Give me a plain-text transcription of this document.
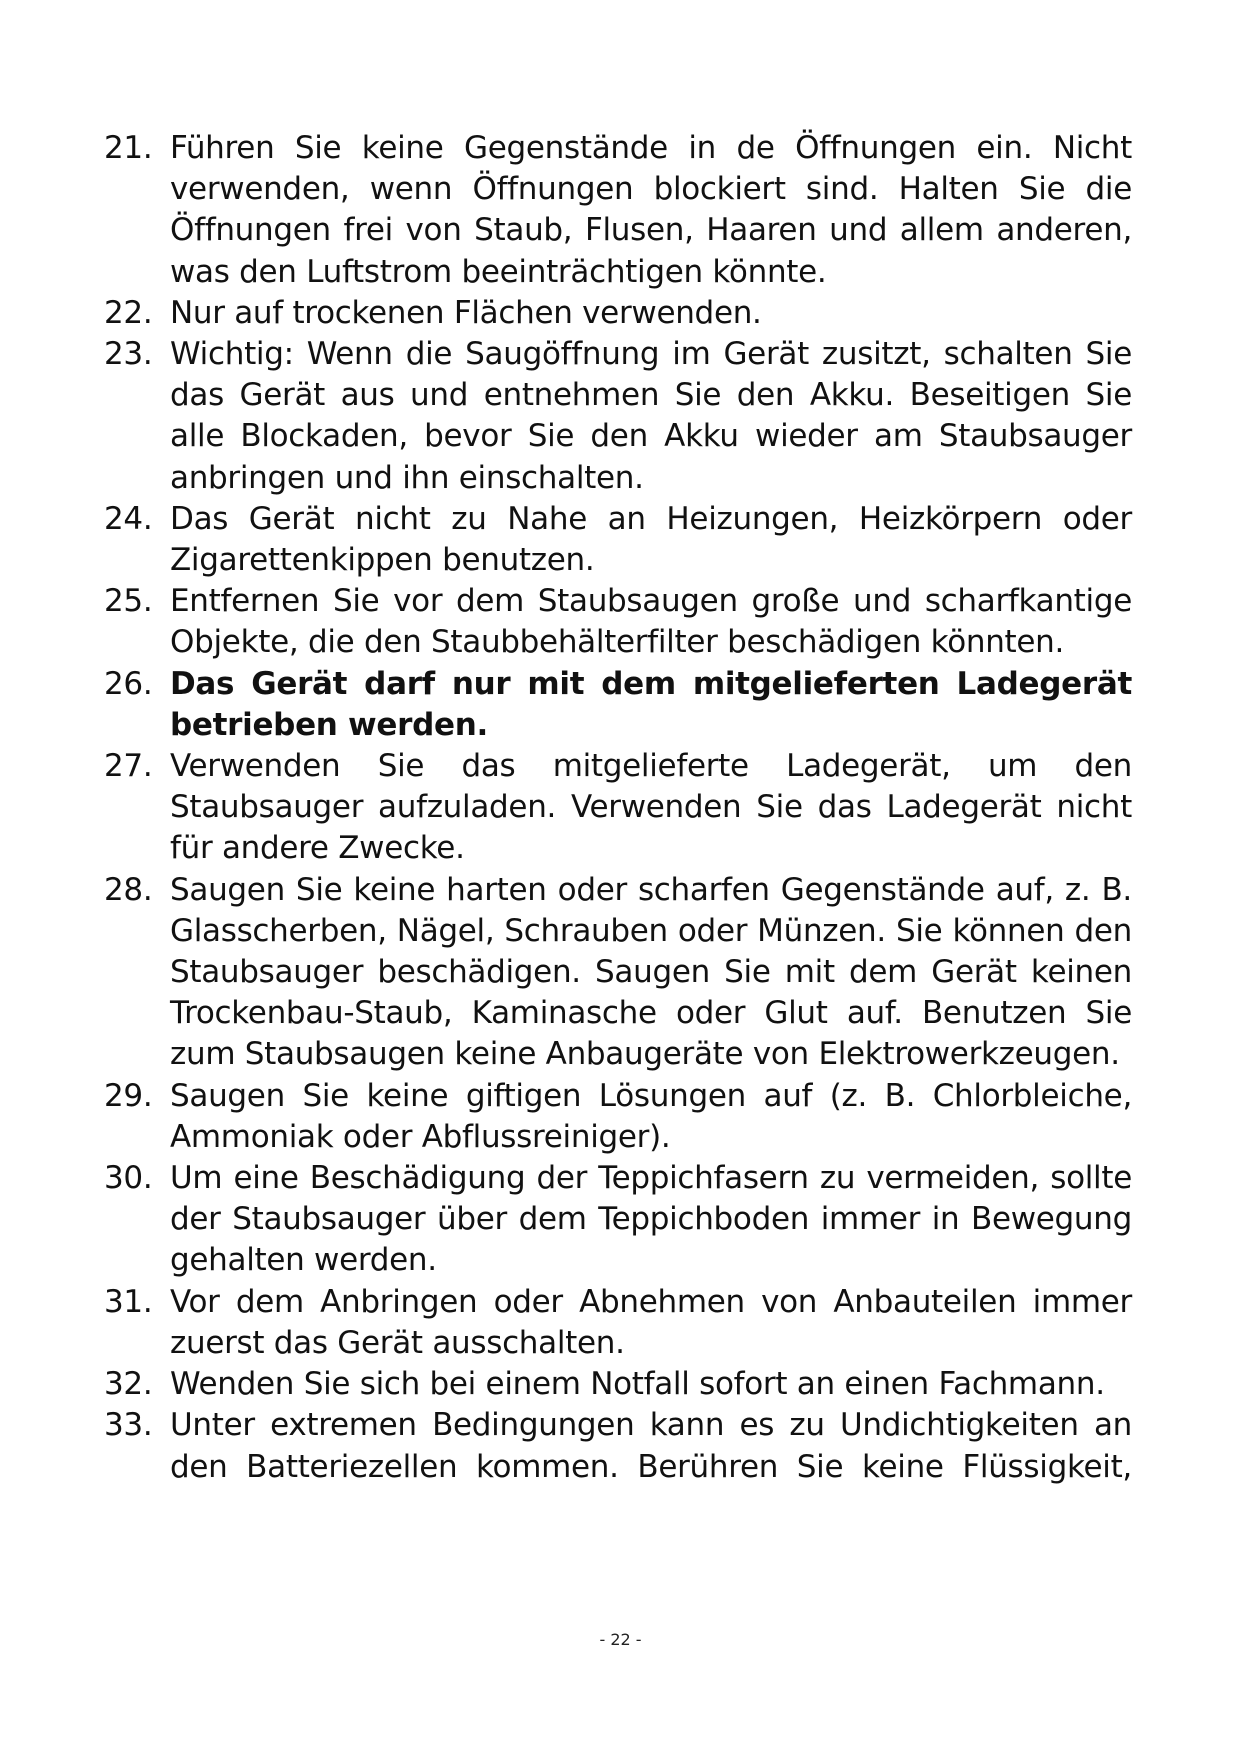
21. Führen Sie keine Gegenstände in de Öffnungen ein. Nicht verwenden, wenn Öffnungen blockiert sind. Halten Sie die Öffnungen frei von Staub, Flusen, Haaren und allem anderen, was den Luftstrom beeinträchtigen könnte.
22. Nur auf trockenen Flächen verwenden.
23. Wichtig: Wenn die Saugöffnung im Gerät zusitzt, schalten Sie das Gerät aus und entnehmen Sie den Akku. Beseitigen Sie alle Blockaden, bevor Sie den Akku wieder am Staubsauger anbringen und ihn einschalten.
24. Das Gerät nicht zu Nahe an Heizungen, Heizkörpern oder Zigarettenkippen benutzen.
25. Entfernen Sie vor dem Staubsaugen große und scharfkantige Objekte, die den Staubbehälterfilter beschädigen könnten.
26. Das Gerät darf nur mit dem mitgelieferten Ladegerät betrieben werden.
27. Verwenden Sie das mitgelieferte Ladegerät, um den Staubsauger aufzuladen. Verwenden Sie das Ladegerät nicht für andere Zwecke.
28. Saugen Sie keine harten oder scharfen Gegenstände auf, z. B. Glasscherben, Nägel, Schrauben oder Münzen. Sie können den Staubsauger beschädigen. Saugen Sie mit dem Gerät keinen Trockenbau-Staub, Kaminasche oder Glut auf. Benutzen Sie zum Staubsaugen keine Anbaugeräte von Elektrowerkzeugen.
29. Saugen Sie keine giftigen Lösungen auf (z. B. Chlorbleiche, Ammoniak oder Abflussreiniger).
30. Um eine Beschädigung der Teppichfasern zu vermeiden, sollte der Staubsauger über dem Teppichboden immer in Bewegung gehalten werden.
31. Vor dem Anbringen oder Abnehmen von Anbauteilen immer zuerst das Gerät ausschalten.
32. Wenden Sie sich bei einem Notfall sofort an einen Fachmann.
33. Unter extremen Bedingungen kann es zu Undichtigkeiten an den Batteriezellen kommen. Berühren Sie keine Flüssigkeit,
- 22 -
